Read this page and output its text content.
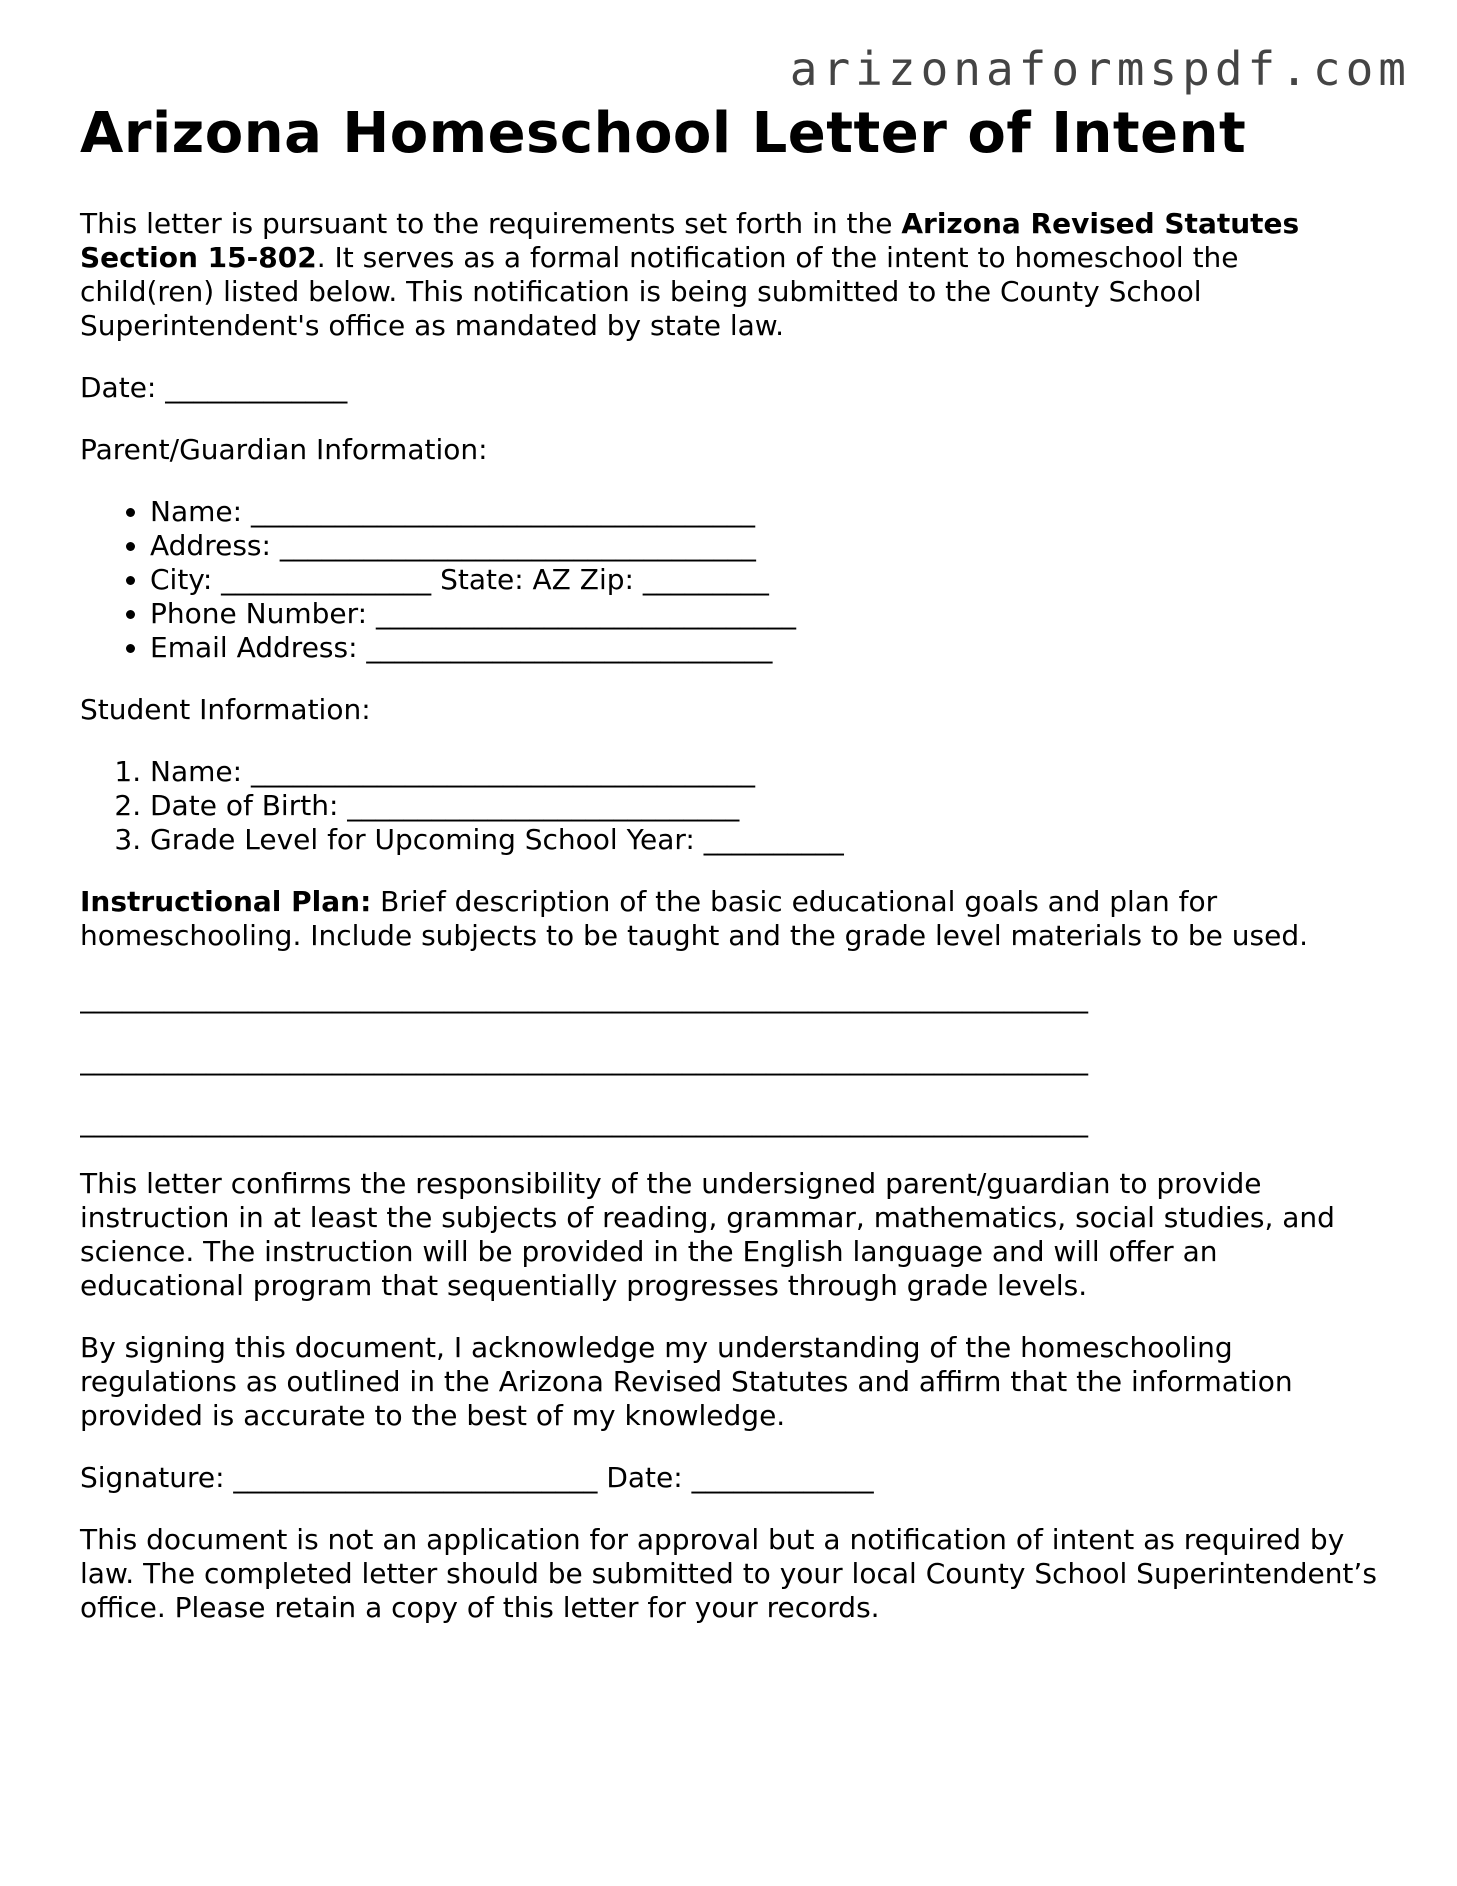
arizonaformspdf.com
Arizona Homeschool Letter of Intent

This letter is pursuant to the requirements set forth in the Arizona Revised Statutes Section 15-802. It serves as a formal notification of the intent to homeschool the child(ren) listed below. This notification is being submitted to the County School Superintendent's office as mandated by state law.

Date: _____________

Parent/Guardian Information:

• Name: ____________________________________
• Address: __________________________________
• City: _______________ State: AZ Zip: _________
• Phone Number: ______________________________
• Email Address: _____________________________

Student Information:

1. Name: ____________________________________
2. Date of Birth: ____________________________
3. Grade Level for Upcoming School Year: __________

Instructional Plan: Brief description of the basic educational goals and plan for homeschooling. Include subjects to be taught and the grade level materials to be used.

________________________________________________________________________
________________________________________________________________________
________________________________________________________________________

This letter confirms the responsibility of the undersigned parent/guardian to provide instruction in at least the subjects of reading, grammar, mathematics, social studies, and science. The instruction will be provided in the English language and will offer an educational program that sequentially progresses through grade levels.

By signing this document, I acknowledge my understanding of the homeschooling regulations as outlined in the Arizona Revised Statutes and affirm that the information provided is accurate to the best of my knowledge.

Signature: __________________________ Date: _____________

This document is not an application for approval but a notification of intent as required by law. The completed letter should be submitted to your local County School Superintendent’s office. Please retain a copy of this letter for your records.
